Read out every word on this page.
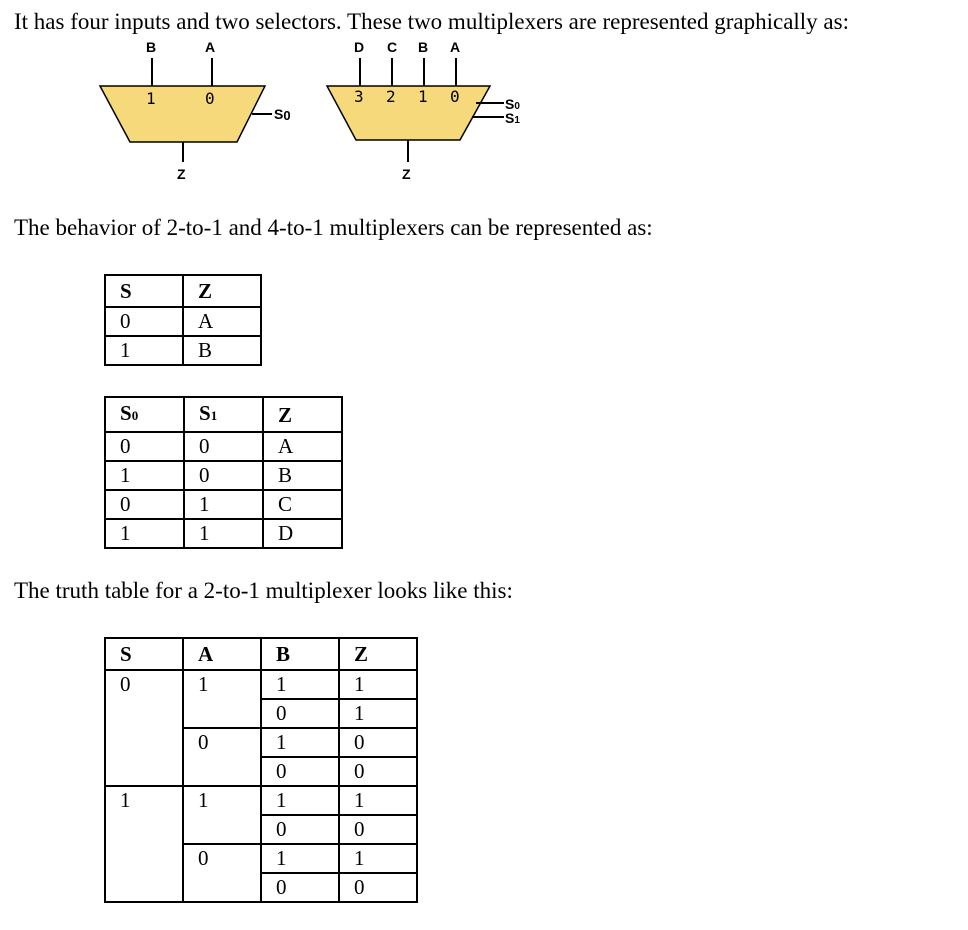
It has four inputs and two selectors. These two multiplexers are represented graphically as:

B	A
1	0
S0
Z
D C B A
3 2 1 0	S0
S1
Z

The behavior of 2-to-1 and 4-to-1 multiplexers can be represented as:

S	Z
0	A
1	B
S0	S1	Z
0	0	A
1	0	B
0	1	C
1	1	D

The truth table for a 2-to-1 multiplexer looks like this:

S	A	B	Z
0	1	1	1
		0	1
	0	1	0
		0	0
1	1	1	1
		0	0
	0	1	1
		0	0
